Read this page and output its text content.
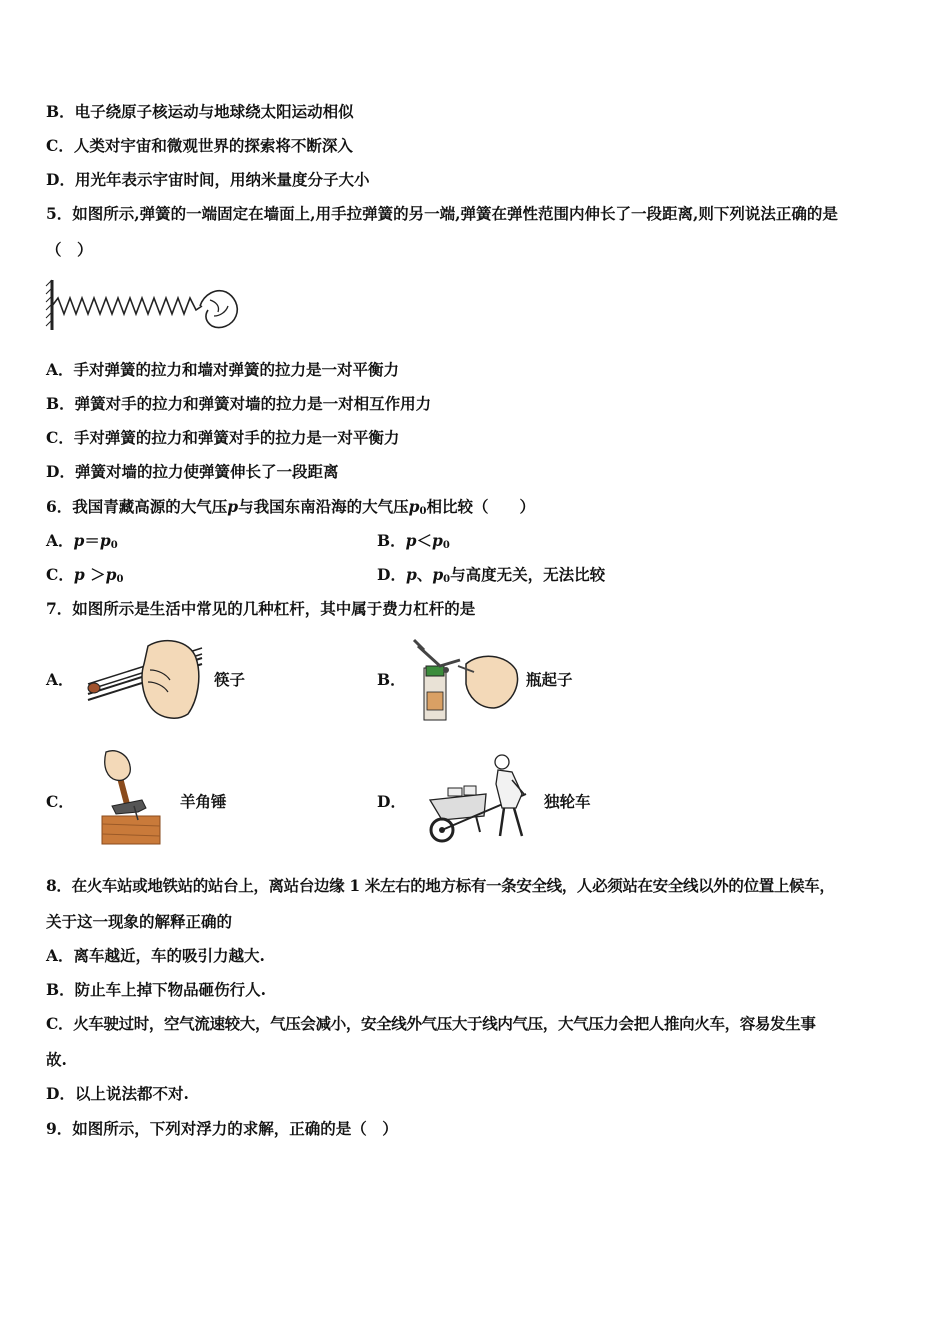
B．电子绕原子核运动与地球绕太阳运动相似
C．人类对宇宙和微观世界的探索将不断深入
D．用光年表示宇宙时间，用纳米量度分子大小
5．如图所示,弹簧的一端固定在墙面上,用手拉弹簧的另一端,弹簧在弹性范围内伸长了一段距离,则下列说法正确的是
（　）
A．手对弹簧的拉力和墙对弹簧的拉力是一对平衡力
B．弹簧对手的拉力和弹簧对墙的拉力是一对相互作用力
C．手对弹簧的拉力和弹簧对手的拉力是一对平衡力
D．弹簧对墙的拉力使弹簧伸长了一段距离
6．我国青藏高源的大气压p与我国东南沿海的大气压$p_0$相比较（　　）
A．$p=p_0$	B．$p<p_0$
C．$p >p_0$	D．p、$p_0$与高度无关，无法比较
7．如图所示是生活中常见的几种杠杆，其中属于费力杠杆的是
A．	筷子	B．	瓶起子
C．	羊角锤	D．	独轮车
8．在火车站或地铁站的站台上，离站台边缘 1 米左右的地方标有一条安全线，人必须站在安全线以外的位置上候车，
关于这一现象的解释正确的
A．离车越近，车的吸引力越大.
B．防止车上掉下物品砸伤行人.
C．火车驶过时，空气流速较大，气压会减小，安全线外气压大于线内气压，大气压力会把人推向火车，容易发生事
故.
D．以上说法都不对.
9．如图所示，下列对浮力的求解，正确的是（　）
